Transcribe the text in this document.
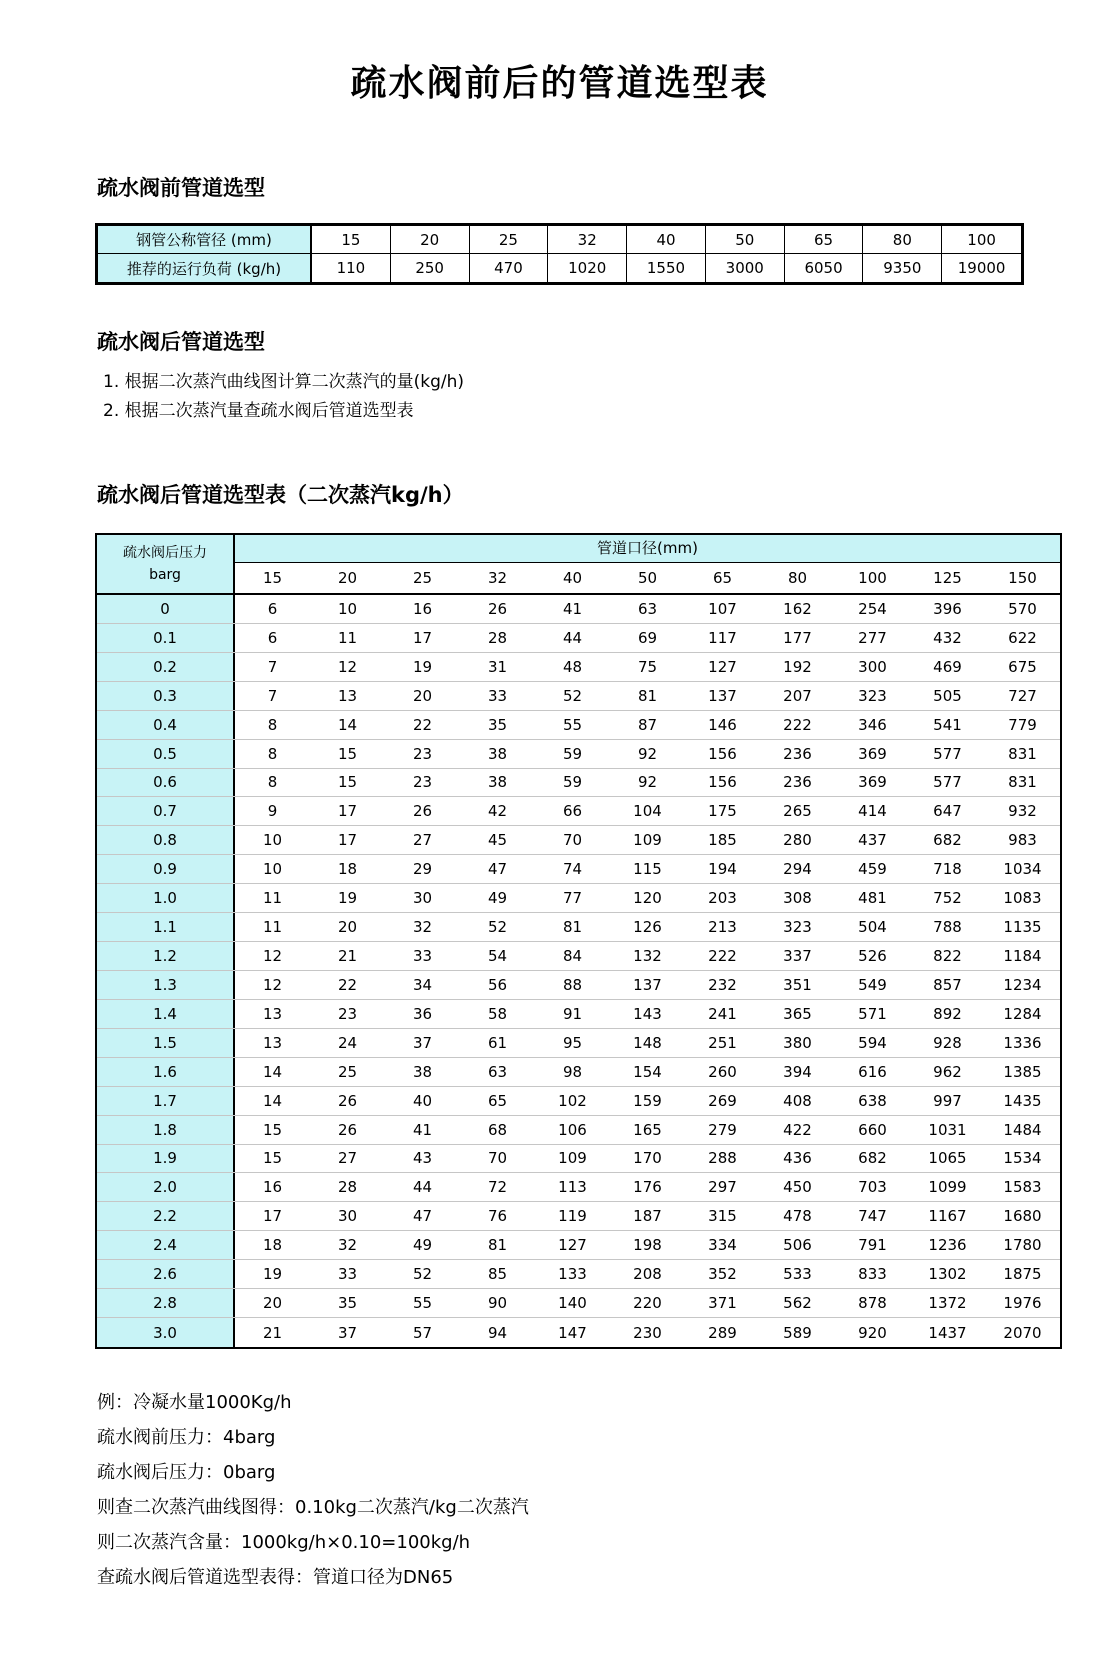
疏水阀前后的管道选型表
疏水阀前管道选型
钢管公称管径 (mm)	15	20	25	32	40	50	65	80	100
推荐的运行负荷 (kg/h)	110	250	470	1020	1550	3000	6050	9350	19000
疏水阀后管道选型
1. 根据二次蒸汽曲线图计算二次蒸汽的量(kg/h)
2. 根据二次蒸汽量查疏水阀后管道选型表
疏水阀后管道选型表（二次蒸汽kg/h）
疏水阀后压力
barg
管道口径(mm)
15	20	25	32	40	50	65	80	100	125	150
0	6	10	16	26	41	63	107	162	254	396	570
0.1	6	11	17	28	44	69	117	177	277	432	622
0.2	7	12	19	31	48	75	127	192	300	469	675
0.3	7	13	20	33	52	81	137	207	323	505	727
0.4	8	14	22	35	55	87	146	222	346	541	779
0.5	8	15	23	38	59	92	156	236	369	577	831
0.6	8	15	23	38	59	92	156	236	369	577	831
0.7	9	17	26	42	66	104	175	265	414	647	932
0.8	10	17	27	45	70	109	185	280	437	682	983
0.9	10	18	29	47	74	115	194	294	459	718	1034
1.0	11	19	30	49	77	120	203	308	481	752	1083
1.1	11	20	32	52	81	126	213	323	504	788	1135
1.2	12	21	33	54	84	132	222	337	526	822	1184
1.3	12	22	34	56	88	137	232	351	549	857	1234
1.4	13	23	36	58	91	143	241	365	571	892	1284
1.5	13	24	37	61	95	148	251	380	594	928	1336
1.6	14	25	38	63	98	154	260	394	616	962	1385
1.7	14	26	40	65	102	159	269	408	638	997	1435
1.8	15	26	41	68	106	165	279	422	660	1031	1484
1.9	15	27	43	70	109	170	288	436	682	1065	1534
2.0	16	28	44	72	113	176	297	450	703	1099	1583
2.2	17	30	47	76	119	187	315	478	747	1167	1680
2.4	18	32	49	81	127	198	334	506	791	1236	1780
2.6	19	33	52	85	133	208	352	533	833	1302	1875
2.8	20	35	55	90	140	220	371	562	878	1372	1976
3.0	21	37	57	94	147	230	289	589	920	1437	2070
例：冷凝水量1000Kg/h
疏水阀前压力：4barg
疏水阀后压力：0barg
则查二次蒸汽曲线图得：0.10kg二次蒸汽/kg二次蒸汽
则二次蒸汽含量：1000kg/h×0.10=100kg/h
查疏水阀后管道选型表得：管道口径为DN65
